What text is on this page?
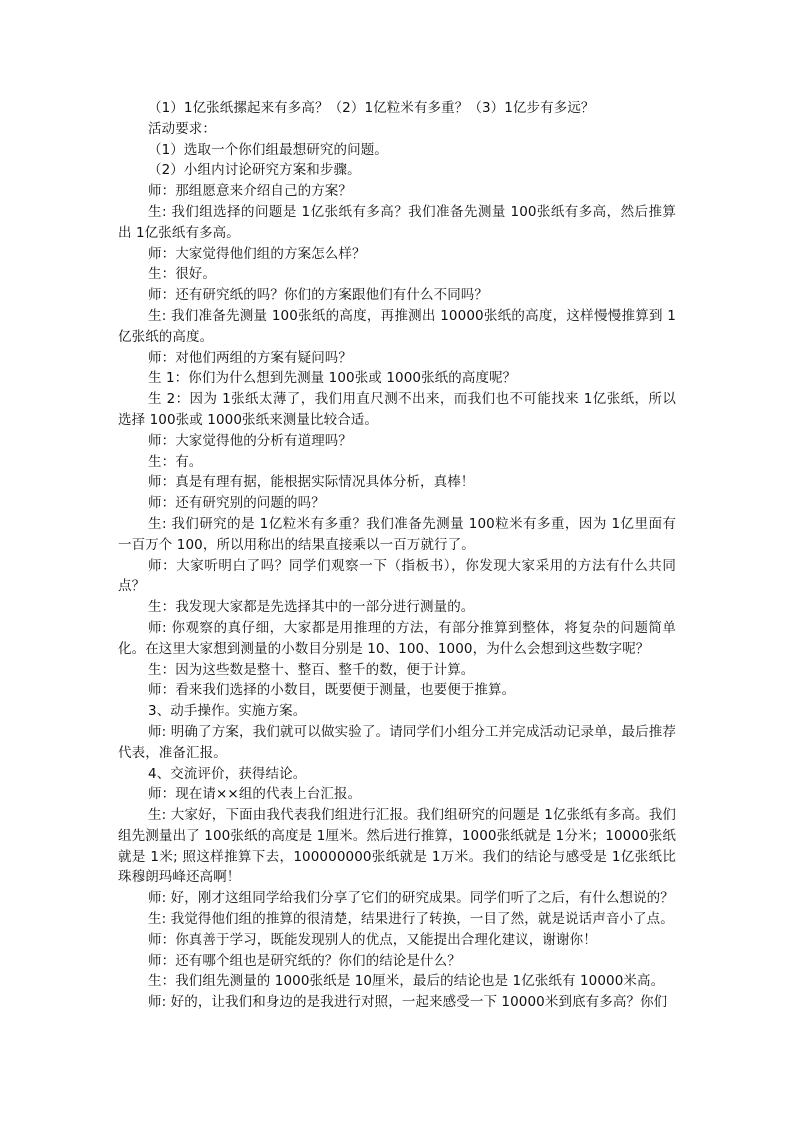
（1）1亿张纸摞起来有多高？（2）1亿粒米有多重？（3）1亿步有多远？

活动要求：

（1）选取一个你们组最想研究的问题。

（2）小组内讨论研究方案和步骤。

师：那组愿意来介绍自己的方案？

生: 我们组选择的问题是 1亿张纸有多高？我们准备先测量 100张纸有多高，然后推算出 1亿张纸有多高。

师：大家觉得他们组的方案怎么样？

生：很好。

师：还有研究纸的吗？你们的方案跟他们有什么不同吗？

生: 我们准备先测量 100张纸的高度，再推测出 10000张纸的高度，这样慢慢推算到 1亿张纸的高度。

师：对他们两组的方案有疑问吗？

生 1：你们为什么想到先测量 100张或 1000张纸的高度呢？

生 2：因为 1张纸太薄了，我们用直尺测不出来，而我们也不可能找来 1亿张纸，所以选择 100张或 1000张纸来测量比较合适。

师：大家觉得他的分析有道理吗？

生：有。

师：真是有理有据，能根据实际情况具体分析，真棒！

师：还有研究别的问题的吗？

生: 我们研究的是 1亿粒米有多重？我们准备先测量 100粒米有多重，因为 1亿里面有一百万个 100，所以用称出的结果直接乘以一百万就行了。

师：大家听明白了吗？同学们观察一下（指板书），你发现大家采用的方法有什么共同点？

生：我发现大家都是先选择其中的一部分进行测量的。

师: 你观察的真仔细，大家都是用推理的方法，有部分推算到整体，将复杂的问题简单化。在这里大家想到测量的小数目分别是 10、100、1000，为什么会想到这些数字呢？

生：因为这些数是整十、整百、整千的数，便于计算。

师：看来我们选择的小数目，既要便于测量，也要便于推算。

3、动手操作。实施方案。

师: 明确了方案，我们就可以做实验了。请同学们小组分工并完成活动记录单，最后推荐代表，准备汇报。

4、交流评价，获得结论。

师：现在请××组的代表上台汇报。

生: 大家好，下面由我代表我们组进行汇报。我们组研究的问题是 1亿张纸有多高。我们组先测量出了 100张纸的高度是 1厘米。然后进行推算，1000张纸就是 1分米；10000张纸就是 1米; 照这样推算下去，100000000张纸就是 1万米。我们的结论与感受是 1亿张纸比珠穆朗玛峰还高啊！

师: 好，刚才这组同学给我们分享了它们的研究成果。同学们听了之后，有什么想说的？

生: 我觉得他们组的推算的很清楚，结果进行了转换，一目了然，就是说话声音小了点。

师：你真善于学习，既能发现别人的优点，又能提出合理化建议，谢谢你！

师：还有哪个组也是研究纸的？你们的结论是什么？

生：我们组先测量的 1000张纸是 10厘米，最后的结论也是 1亿张纸有 10000米高。

师: 好的，让我们和身边的是我进行对照，一起来感受一下 10000米到底有多高？你们
